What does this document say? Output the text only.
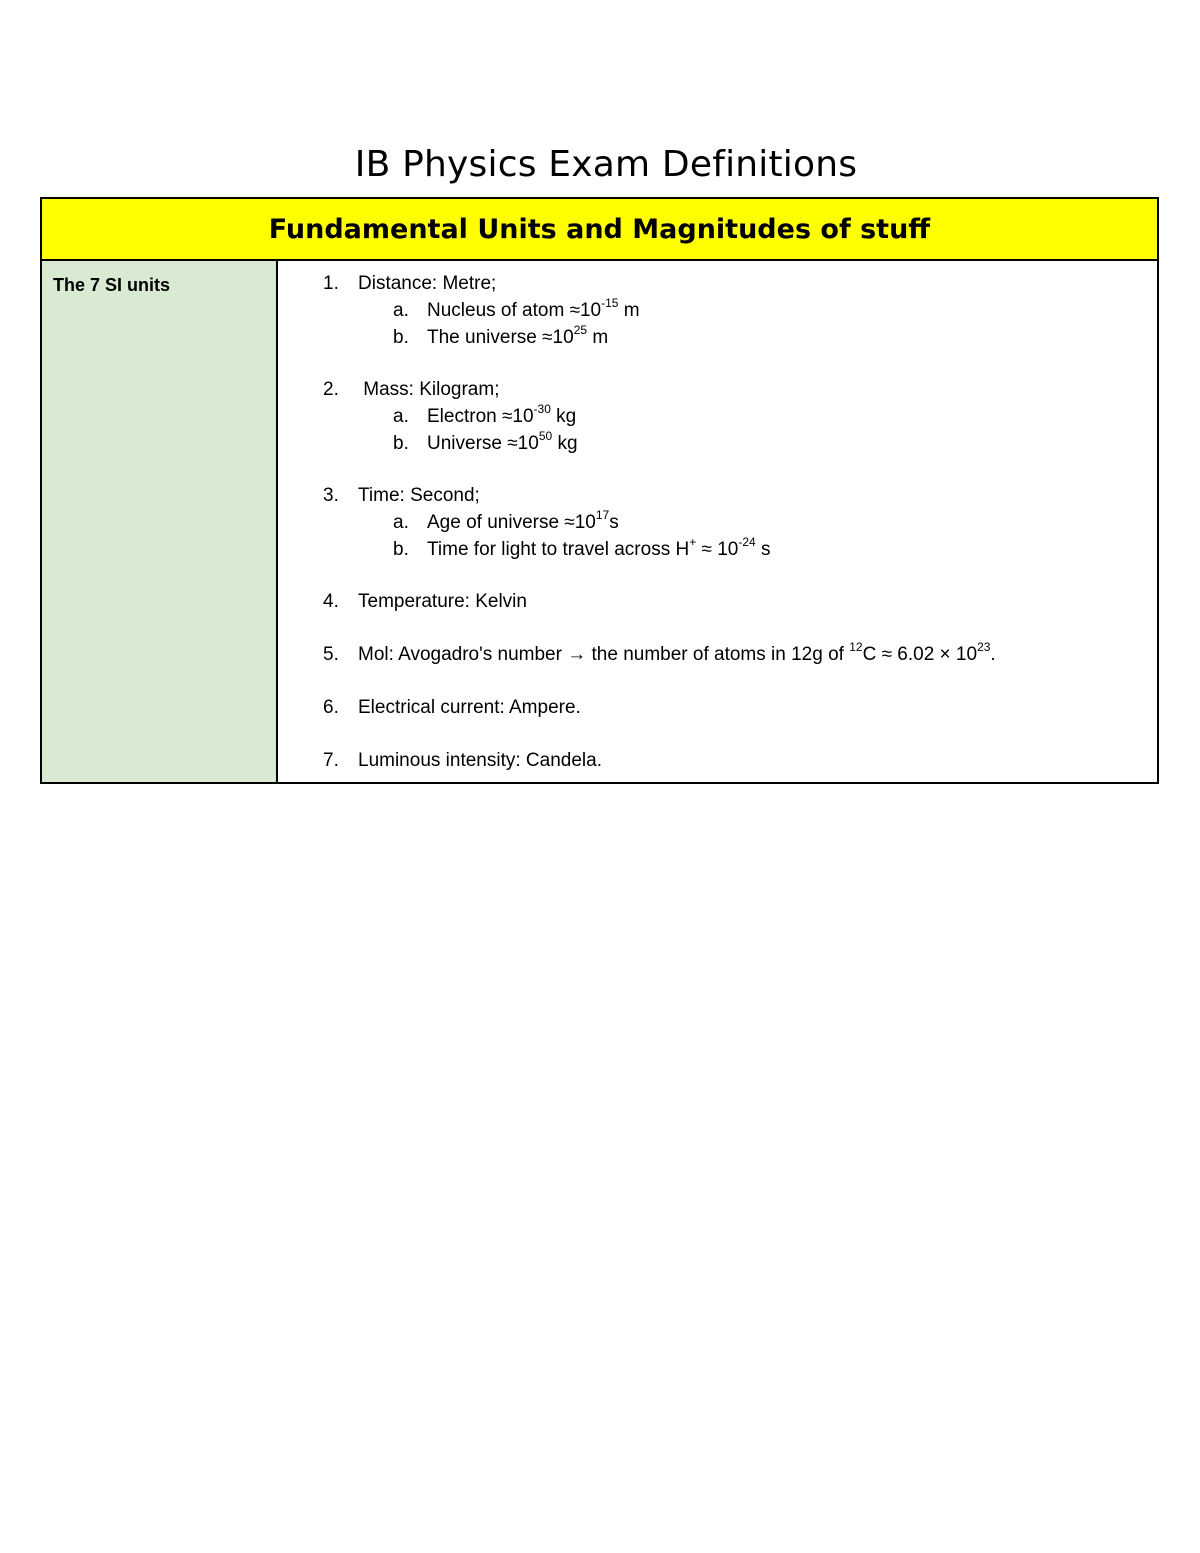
IB Physics Exam Definitions
Fundamental Units and Magnitudes of stuff
The 7 SI units	1. Distance: Metre;
a. Nucleus of atom $\approx 10^{-15}$ m
b. The universe $\approx 10^{25}$ m
2. Mass: Kilogram;
a. Electron $\approx 10^{-30}$ kg
b. Universe $\approx 10^{50}$ kg
3. Time: Second;
a. Age of universe $\approx 10^{17}s$
b. Time for light to travel across $H^+ \approx 10^{-24}$ s
4. Temperature: Kelvin
5. Mol: Avogadro's number → the number of atoms in 12g of $^{12}C \approx 6.02 \times 10^{23}$.
6. Electrical current: Ampere.
7. Luminous intensity: Candela.
